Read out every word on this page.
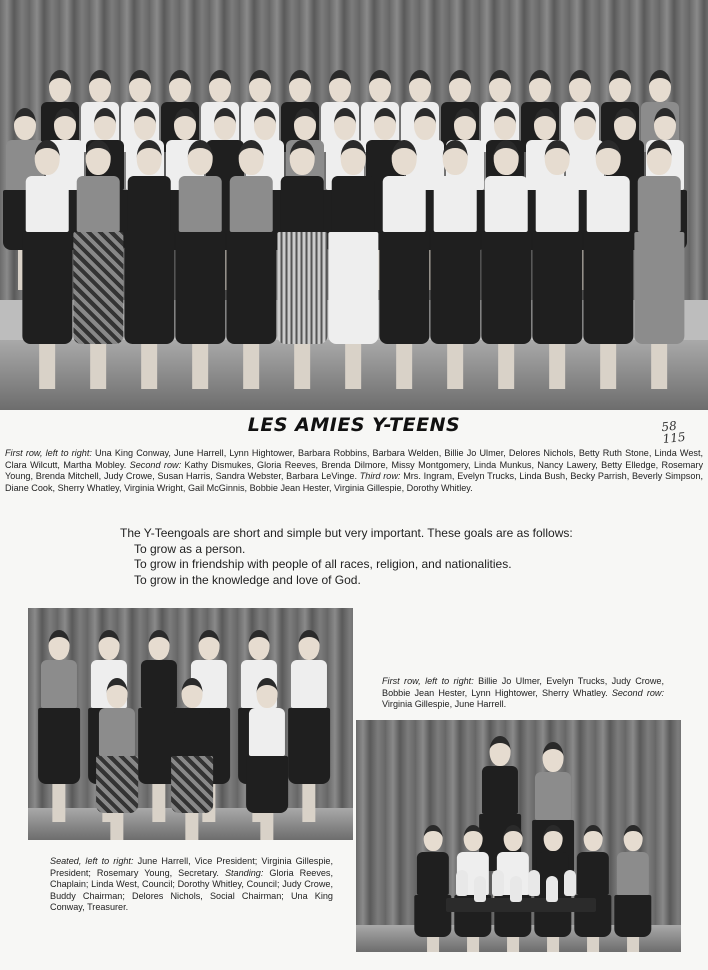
LES AMIES Y-TEENS	58
115
First row, left to right: Una King Conway, June Harrell, Lynn Hightower, Barbara Robbins, Barbara Welden, Billie Jo Ulmer, Delores Nichols, Betty Ruth Stone, Linda West, Clara Wilcutt, Martha Mobley. Second row: Kathy Dismukes, Gloria Reeves, Brenda Dilmore, Missy Montgomery, Linda Munkus, Nancy Lawery, Betty Elledge, Rosemary Young, Brenda Mitchell, Judy Crowe, Susan Harris, Sandra Webster, Barbara LeVinge. Third row: Mrs. Ingram, Evelyn Trucks, Linda Bush, Becky Parrish, Beverly Simpson, Diane Cook, Sherry Whatley, Virginia Wright, Gail McGinnis, Bobbie Jean Hester, Virginia Gillespie, Dorothy Whitley.
The Y-Teengoals are short and simple but very important. These goals are as follows:
To grow as a person.
To grow in friendship with people of all races, religion, and nationalities.
To grow in the knowledge and love of God.
Seated, left to right: June Harrell, Vice President; Virginia Gillespie, President; Rosemary Young, Secretary. Standing: Gloria Reeves, Chaplain; Linda West, Council; Dorothy Whitley, Council; Judy Crowe, Buddy Chairman; Delores Nichols, Social Chairman; Una King Conway, Treasurer.
First row, left to right: Billie Jo Ulmer, Evelyn Trucks, Judy Crowe, Bobbie Jean Hester, Lynn Hightower, Sherry Whatley. Second row: Virginia Gillespie, June Harrell.
